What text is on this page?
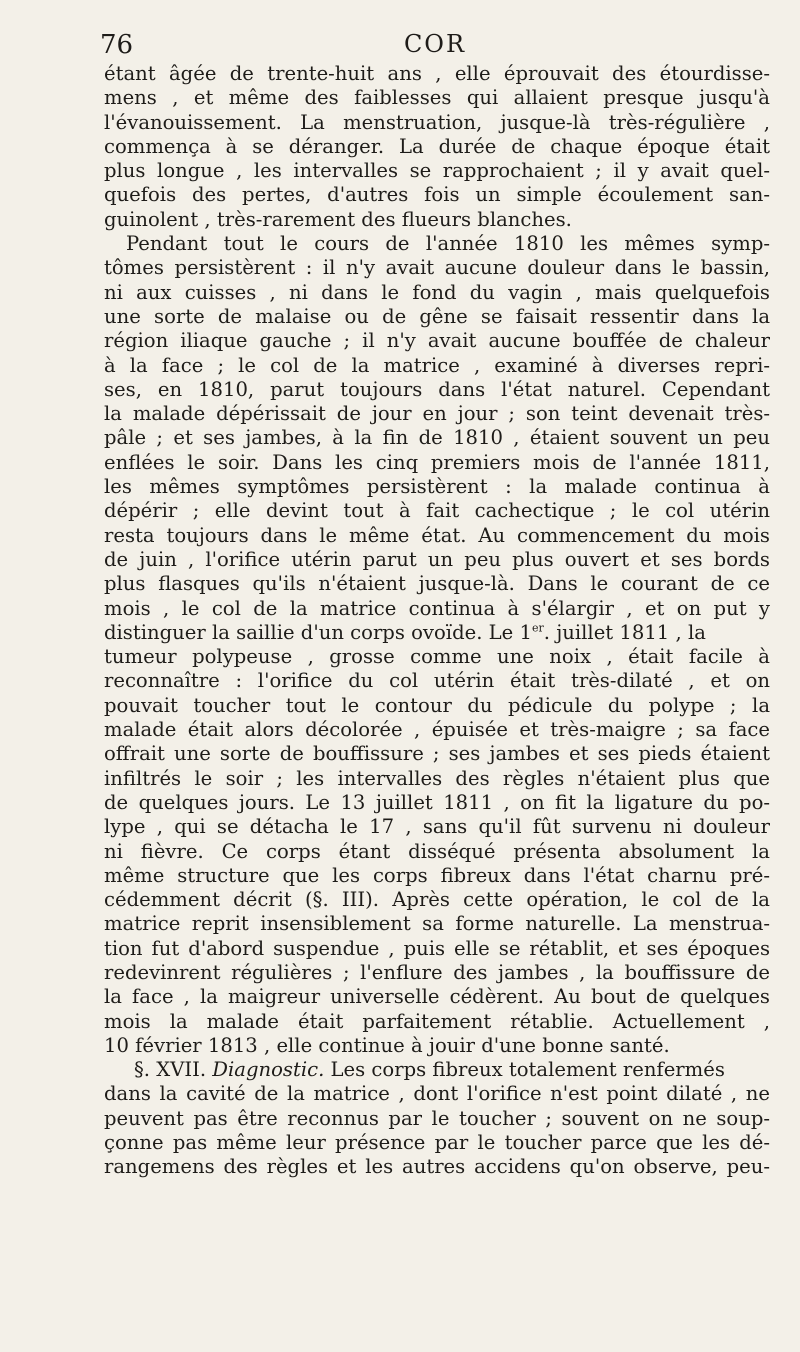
76	COR
étant âgée de trente-huit ans , elle éprouvait des étourdisse-
mens , et même des faiblesses qui allaient presque jusqu'à
l'évanouissement. La menstruation, jusque-là très-régulière ,
commença à se déranger. La durée de chaque époque était
plus longue , les intervalles se rapprochaient ; il y avait quel-
quefois des pertes, d'autres fois un simple écoulement san-
guinolent , très-rarement des flueurs blanches.
Pendant tout le cours de l'année 1810 les mêmes symp-
tômes persistèrent : il n'y avait aucune douleur dans le bassin,
ni aux cuisses , ni dans le fond du vagin , mais quelquefois
une sorte de malaise ou de gêne se faisait ressentir dans la
région iliaque gauche ; il n'y avait aucune bouffée de chaleur
à la face ; le col de la matrice , examiné à diverses repri-
ses, en 1810, parut toujours dans l'état naturel. Cependant
la malade dépérissait de jour en jour ; son teint devenait très-
pâle ; et ses jambes, à la fin de 1810 , étaient souvent un peu
enflées le soir. Dans les cinq premiers mois de l'année 1811,
les mêmes symptômes persistèrent : la malade continua à
dépérir ; elle devint tout à fait cachectique ; le col utérin
resta toujours dans le même état. Au commencement du mois
de juin , l'orifice utérin parut un peu plus ouvert et ses bords
plus flasques qu'ils n'étaient jusque-là. Dans le courant de ce
mois , le col de la matrice continua à s'élargir , et on put y
distinguer la saillie d'un corps ovoïde. Le 1er. juillet 1811 , la
tumeur polypeuse , grosse comme une noix , était facile à
reconnaître : l'orifice du col utérin était très-dilaté , et on
pouvait toucher tout le contour du pédicule du polype ; la
malade était alors décolorée , épuisée et très-maigre ; sa face
offrait une sorte de bouffissure ; ses jambes et ses pieds étaient
infiltrés le soir ; les intervalles des règles n'étaient plus que
de quelques jours. Le 13 juillet 1811 , on fit la ligature du po-
lype , qui se détacha le 17 , sans qu'il fût survenu ni douleur
ni fièvre. Ce corps étant disséqué présenta absolument la
même structure que les corps fibreux dans l'état charnu pré-
cédemment décrit (§. III). Après cette opération, le col de la
matrice reprit insensiblement sa forme naturelle. La menstrua-
tion fut d'abord suspendue , puis elle se rétablit, et ses époques
redevinrent régulières ; l'enflure des jambes , la bouffissure de
la face , la maigreur universelle cédèrent. Au bout de quelques
mois la malade était parfaitement rétablie. Actuellement ,
10 février 1813 , elle continue à jouir d'une bonne santé.
§. XVII. Diagnostic. Les corps fibreux totalement renfermés
dans la cavité de la matrice , dont l'orifice n'est point dilaté , ne
peuvent pas être reconnus par le toucher ; souvent on ne soup-
çonne pas même leur présence par le toucher parce que les dé-
rangemens des règles et les autres accidens qu'on observe, peu-
